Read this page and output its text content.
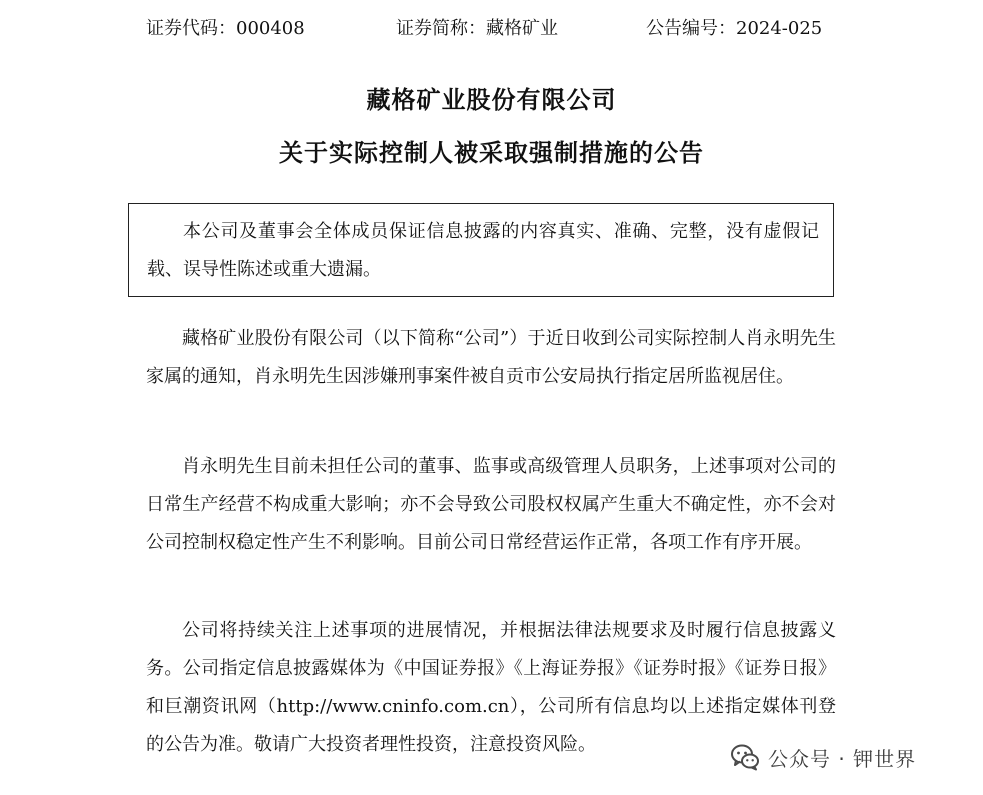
证券代码：000408	证券简称：藏格矿业	公告编号：2024-025
藏格矿业股份有限公司
关于实际控制人被采取强制措施的公告

本公司及董事会全体成员保证信息披露的内容真实、准确、完整，没有虚假记载、误导性陈述或重大遗漏。

藏格矿业股份有限公司（以下简称“公司”）于近日收到公司实际控制人肖永明先生家属的通知，肖永明先生因涉嫌刑事案件被自贡市公安局执行指定居所监视居住。

肖永明先生目前未担任公司的董事、监事或高级管理人员职务，上述事项对公司的日常生产经营不构成重大影响；亦不会导致公司股权权属产生重大不确定性，亦不会对公司控制权稳定性产生不利影响。目前公司日常经营运作正常，各项工作有序开展。

公司将持续关注上述事项的进展情况，并根据法律法规要求及时履行信息披露义务。公司指定信息披露媒体为《中国证券报》《上海证券报》《证券时报》《证券日报》和巨潮资讯网（http://www.cninfo.com.cn），公司所有信息均以上述指定媒体刊登的公告为准。敬请广大投资者理性投资，注意投资风险。

公众号 · 钾世界
